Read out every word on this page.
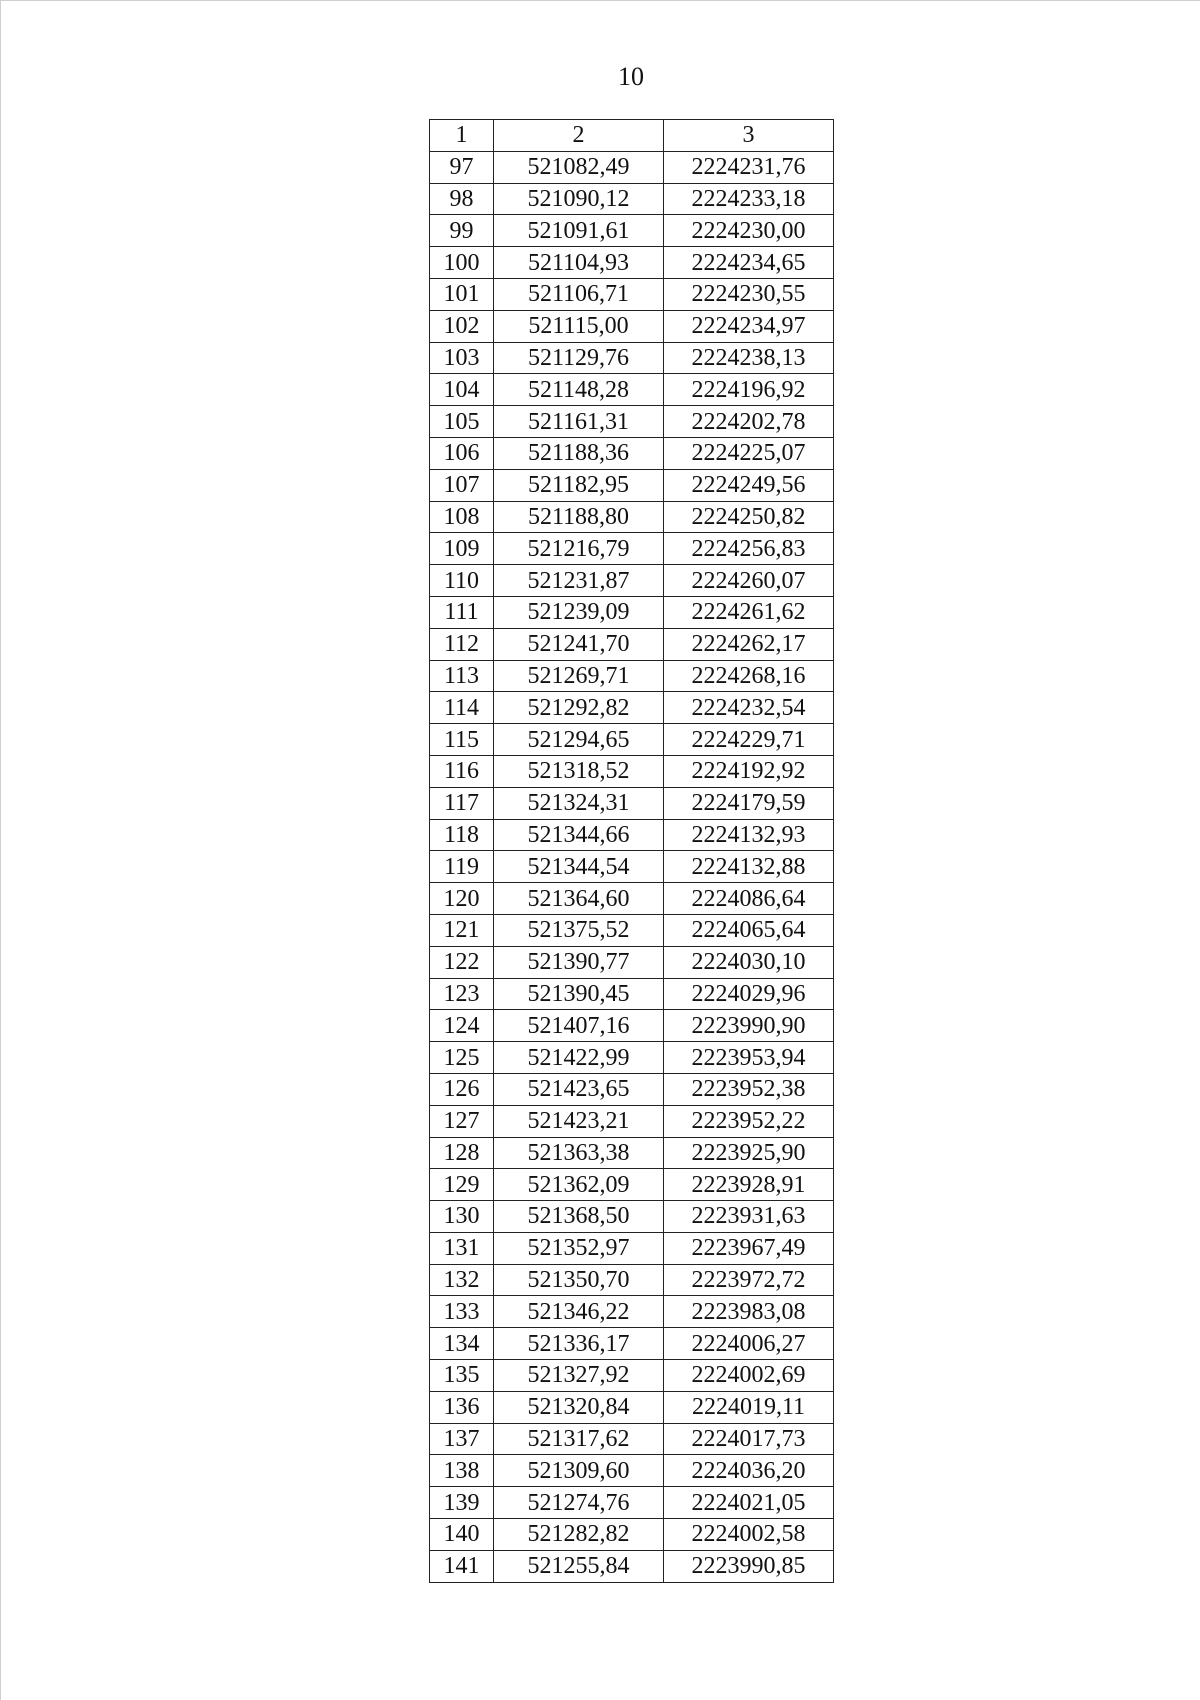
10
1	2	3
97	521082,49	2224231,76
98	521090,12	2224233,18
99	521091,61	2224230,00
100	521104,93	2224234,65
101	521106,71	2224230,55
102	521115,00	2224234,97
103	521129,76	2224238,13
104	521148,28	2224196,92
105	521161,31	2224202,78
106	521188,36	2224225,07
107	521182,95	2224249,56
108	521188,80	2224250,82
109	521216,79	2224256,83
110	521231,87	2224260,07
111	521239,09	2224261,62
112	521241,70	2224262,17
113	521269,71	2224268,16
114	521292,82	2224232,54
115	521294,65	2224229,71
116	521318,52	2224192,92
117	521324,31	2224179,59
118	521344,66	2224132,93
119	521344,54	2224132,88
120	521364,60	2224086,64
121	521375,52	2224065,64
122	521390,77	2224030,10
123	521390,45	2224029,96
124	521407,16	2223990,90
125	521422,99	2223953,94
126	521423,65	2223952,38
127	521423,21	2223952,22
128	521363,38	2223925,90
129	521362,09	2223928,91
130	521368,50	2223931,63
131	521352,97	2223967,49
132	521350,70	2223972,72
133	521346,22	2223983,08
134	521336,17	2224006,27
135	521327,92	2224002,69
136	521320,84	2224019,11
137	521317,62	2224017,73
138	521309,60	2224036,20
139	521274,76	2224021,05
140	521282,82	2224002,58
141	521255,84	2223990,85
